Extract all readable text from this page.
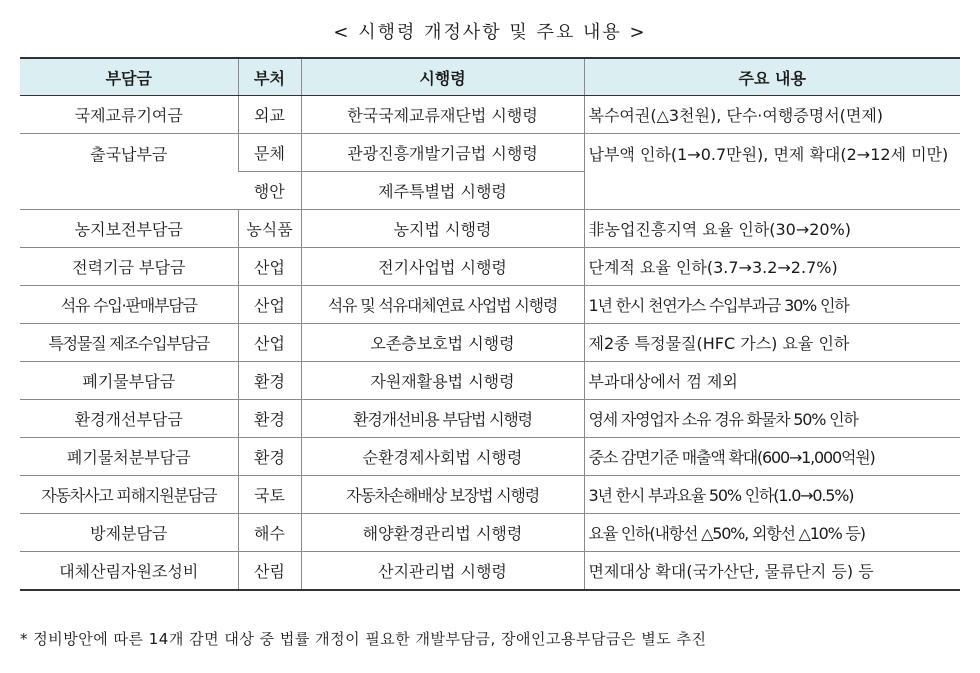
< 시행령 개정사항 및 주요 내용 >
부담금	부처	시행령	주요 내용
국제교류기여금	외교	한국국제교류재단법 시행령	복수여권(△3천원), 단수·여행증명서(면제)
출국납부금	문체	관광진흥개발기금법 시행령	납부액 인하(1→0.7만원), 면제 확대(2→12세 미만)
	행안	제주특별법 시행령	
농지보전부담금	농식품	농지법 시행령	非농업진흥지역 요율 인하(30→20%)
전력기금 부담금	산업	전기사업법 시행령	단계적 요율 인하(3.7→3.2→2.7%)
석유 수입·판매부담금	산업	석유 및 석유대체연료 사업법 시행령	1년 한시 천연가스 수입부과금 30% 인하
특정물질 제조수입부담금	산업	오존층보호법 시행령	제2종 특정물질(HFC 가스) 요율 인하
폐기물부담금	환경	자원재활용법 시행령	부과대상에서 껌 제외
환경개선부담금	환경	환경개선비용 부담법 시행령	영세 자영업자 소유 경유 화물차 50% 인하
폐기물처분부담금	환경	순환경제사회법 시행령	중소 감면기준 매출액 확대(600→1,000억원)
자동차사고 피해지원분담금	국토	자동차손해배상 보장법 시행령	3년 한시 부과요율 50% 인하(1.0→0.5%)
방제분담금	해수	해양환경관리법 시행령	요율 인하(내항선 △50%, 외항선 △10% 등)
대체산림자원조성비	산림	산지관리법 시행령	면제대상 확대(국가산단, 물류단지 등) 등
* 정비방안에 따른 14개 감면 대상 중 법률 개정이 필요한 개발부담금, 장애인고용부담금은 별도 추진
